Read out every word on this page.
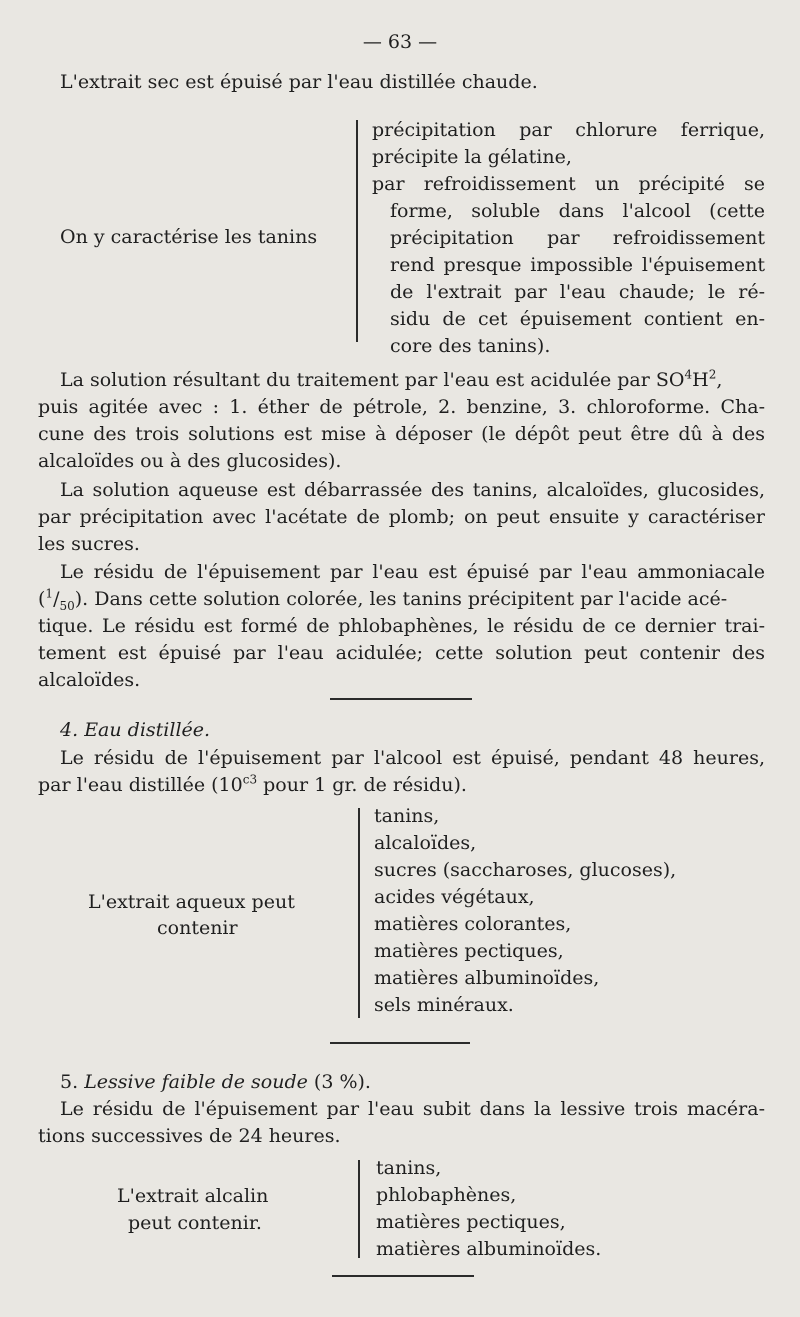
— 63 —
L'extrait sec est épuisé par l'eau distillée chaude.
On y caractérise les tanins
précipitation par chlorure ferrique,
précipite la gélatine,
par refroidissement un précipité se
forme, soluble dans l'alcool (cette
précipitation par refroidissement
rend presque impossible l'épuisement
de l'extrait par l'eau chaude; le ré-
sidu de cet épuisement contient en-
core des tanins).
La solution résultant du traitement par l'eau est acidulée par $SO^4H^2$,
puis agitée avec : 1. éther de pétrole, 2. benzine, 3. chloroforme. Cha-
cune des trois solutions est mise à déposer (le dépôt peut être dû à des
alcaloïdes ou à des glucosides).
La solution aqueuse est débarrassée des tanins, alcaloïdes, glucosides,
par précipitation avec l'acétate de plomb; on peut ensuite y caractériser
les sucres.
Le résidu de l'épuisement par l'eau est épuisé par l'eau ammoniacale
$(^1/_{50})$. Dans cette solution colorée, les tanins précipitent par l'acide acé-
tique. Le résidu est formé de phlobaphènes, le résidu de ce dernier trai-
tement est épuisé par l'eau acidulée; cette solution peut contenir des
alcaloïdes.
4. Eau distillée.
Le résidu de l'épuisement par l'alcool est épuisé, pendant 48 heures,
par l'eau distillée ($10^{c3}$ pour 1 gr. de résidu).
L'extrait aqueux peut
contenir
tanins,
alcaloïdes,
sucres (saccharoses, glucoses),
acides végétaux,
matières colorantes,
matières pectiques,
matières albuminoïdes,
sels minéraux.
5. Lessive faible de soude (3 %).
Le résidu de l'épuisement par l'eau subit dans la lessive trois macéra-
tions successives de 24 heures.
L'extrait alcalin
peut contenir.
tanins,
phlobaphènes,
matières pectiques,
matières albuminoïdes.
